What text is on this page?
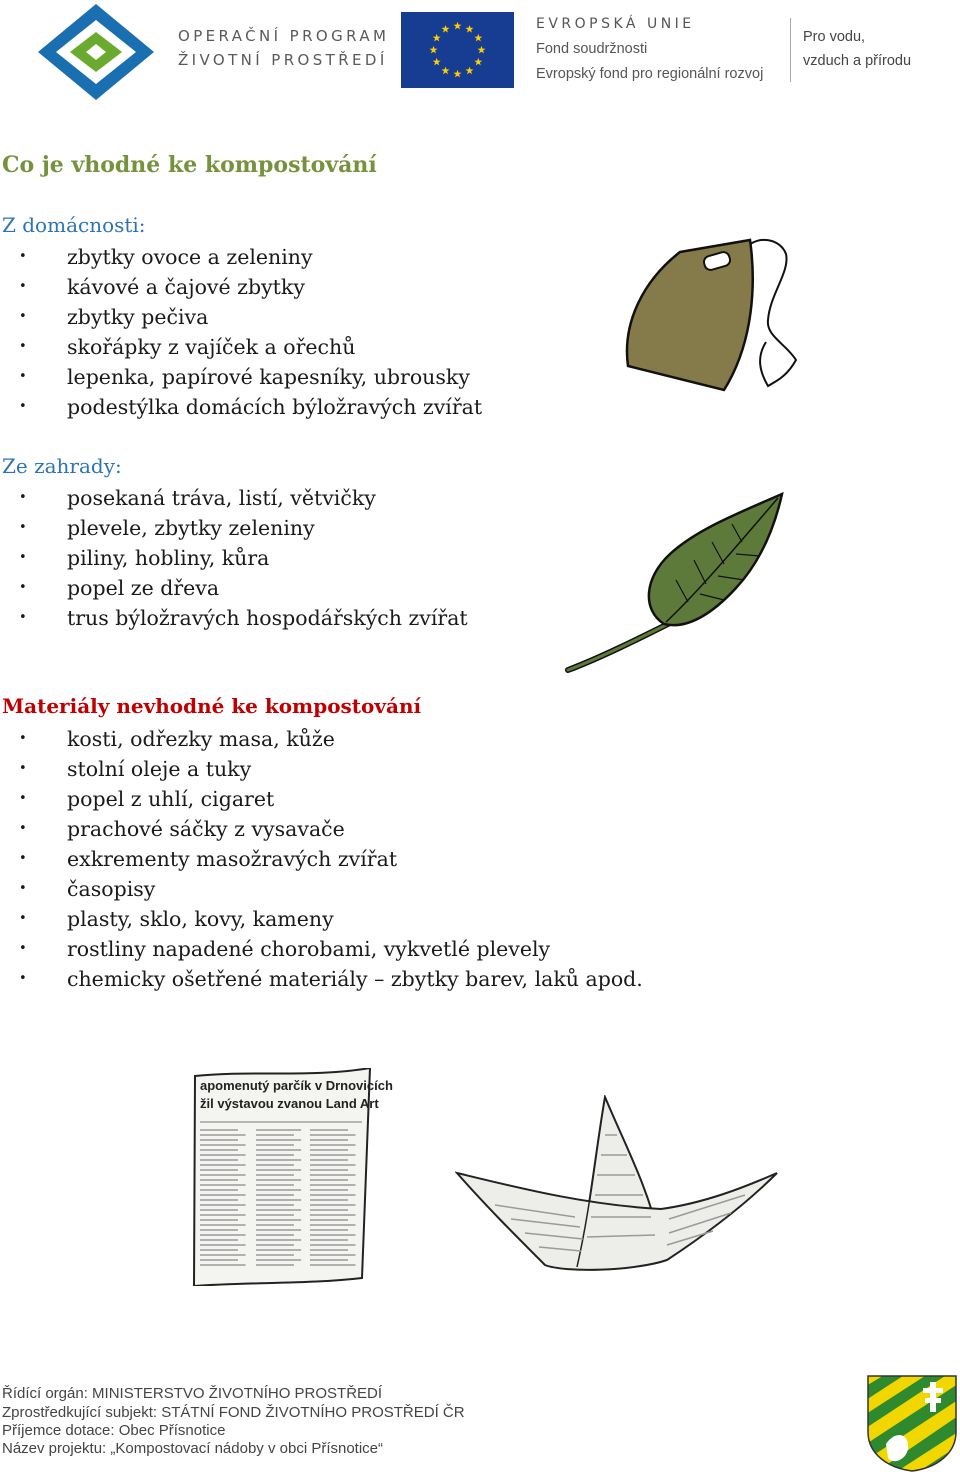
OPERAČNÍ PROGRAM
ŽIVOTNÍ PROSTŘEDÍ
EVROPSKÁ UNIE
Fond soudržnosti
Evropský fond pro regionální rozvoj
Pro vodu,
vzduch a přírodu
Co je vhodné ke kompostování
Z domácnosti:
• zbytky ovoce a zeleniny
• kávové a čajové zbytky
• zbytky pečiva
• skořápky z vajíček a ořechů
• lepenka, papírové kapesníky, ubrousky
• podestýlka domácích býložravých zvířat
Ze zahrady:
• posekaná tráva, listí, větvičky
• plevele, zbytky zeleniny
• piliny, hobliny, kůra
• popel ze dřeva
• trus býložravých hospodářských zvířat
Materiály nevhodné ke kompostování
• kosti, odřezky masa, kůže
• stolní oleje a tuky
• popel z uhlí, cigaret
• prachové sáčky z vysavače
• exkrementy masožravých zvířat
• časopisy
• plasty, sklo, kovy, kameny
• rostliny napadené chorobami, vykvetlé plevely
• chemicky ošetřené materiály – zbytky barev, laků apod.
apomenutý parčík v Drnovicích
žil výstavou zvanou Land Art
Řídící orgán: MINISTERSTVO ŽIVOTNÍHO PROSTŘEDÍ
Zprostředkující subjekt: STÁTNÍ FOND ŽIVOTNÍHO PROSTŘEDÍ ČR
Příjemce dotace: Obec Přísnotice
Název projektu: „Kompostovací nádoby v obci Přísnotice“
